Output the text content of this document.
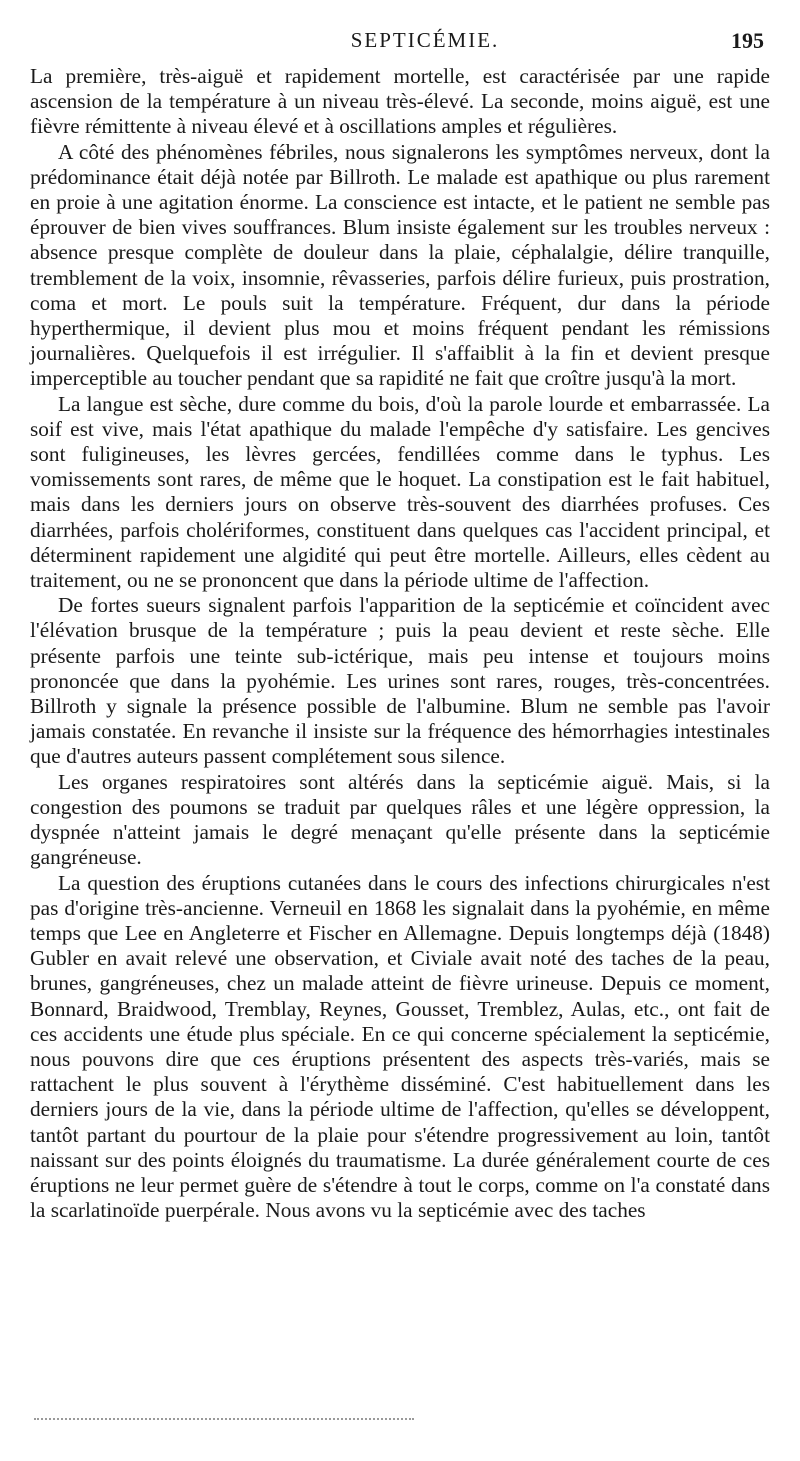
SEPTICÉMIE.	195

La première, très-aiguë et rapidement mortelle, est caractérisée par une rapide ascension de la température à un niveau très-élevé. La seconde, moins aiguë, est une fièvre rémittente à niveau élevé et à oscillations amples et régulières.

A côté des phénomènes fébriles, nous signalerons les symptômes nerveux, dont la prédominance était déjà notée par Billroth. Le malade est apathique ou plus rarement en proie à une agitation énorme. La conscience est intacte, et le patient ne semble pas éprouver de bien vives souffrances. Blum insiste également sur les troubles nerveux : absence presque complète de douleur dans la plaie, céphalalgie, délire tranquille, tremblement de la voix, insomnie, rêvasseries, parfois délire furieux, puis prostration, coma et mort. Le pouls suit la température. Fréquent, dur dans la période hyperthermique, il devient plus mou et moins fréquent pendant les rémissions journalières. Quelquefois il est irrégulier. Il s'affaiblit à la fin et devient presque imperceptible au toucher pendant que sa rapidité ne fait que croître jusqu'à la mort.

La langue est sèche, dure comme du bois, d'où la parole lourde et embarrassée. La soif est vive, mais l'état apathique du malade l'empêche d'y satisfaire. Les gencives sont fuligineuses, les lèvres gercées, fendillées comme dans le typhus. Les vomissements sont rares, de même que le hoquet. La constipation est le fait habituel, mais dans les derniers jours on observe très-souvent des diarrhées profuses. Ces diarrhées, parfois cholériformes, constituent dans quelques cas l'accident principal, et déterminent rapidement une algidité qui peut être mortelle. Ailleurs, elles cèdent au traitement, ou ne se prononcent que dans la période ultime de l'affection.

De fortes sueurs signalent parfois l'apparition de la septicémie et coïncident avec l'élévation brusque de la température ; puis la peau devient et reste sèche. Elle présente parfois une teinte sub-ictérique, mais peu intense et toujours moins prononcée que dans la pyohémie. Les urines sont rares, rouges, très-concentrées. Billroth y signale la présence possible de l'albumine. Blum ne semble pas l'avoir jamais constatée. En revanche il insiste sur la fréquence des hémorrhagies intestinales que d'autres auteurs passent complétement sous silence.

Les organes respiratoires sont altérés dans la septicémie aiguë. Mais, si la congestion des poumons se traduit par quelques râles et une légère oppression, la dyspnée n'atteint jamais le degré menaçant qu'elle présente dans la septicémie gangréneuse.

La question des éruptions cutanées dans le cours des infections chirurgicales n'est pas d'origine très-ancienne. Verneuil en 1868 les signalait dans la pyohémie, en même temps que Lee en Angleterre et Fischer en Allemagne. Depuis longtemps déjà (1848) Gubler en avait relevé une observation, et Civiale avait noté des taches de la peau, brunes, gangréneuses, chez un malade atteint de fièvre urineuse. Depuis ce moment, Bonnard, Braidwood, Tremblay, Reynes, Gousset, Tremblez, Aulas, etc., ont fait de ces accidents une étude plus spéciale. En ce qui concerne spécialement la septicémie, nous pouvons dire que ces éruptions présentent des aspects très-variés, mais se rattachent le plus souvent à l'érythème disséminé. C'est habituellement dans les derniers jours de la vie, dans la période ultime de l'affection, qu'elles se développent, tantôt partant du pourtour de la plaie pour s'étendre progressivement au loin, tantôt naissant sur des points éloignés du traumatisme. La durée généralement courte de ces éruptions ne leur permet guère de s'étendre à tout le corps, comme on l'a constaté dans la scarlatinoïde puerpérale. Nous avons vu la septicémie avec des taches
